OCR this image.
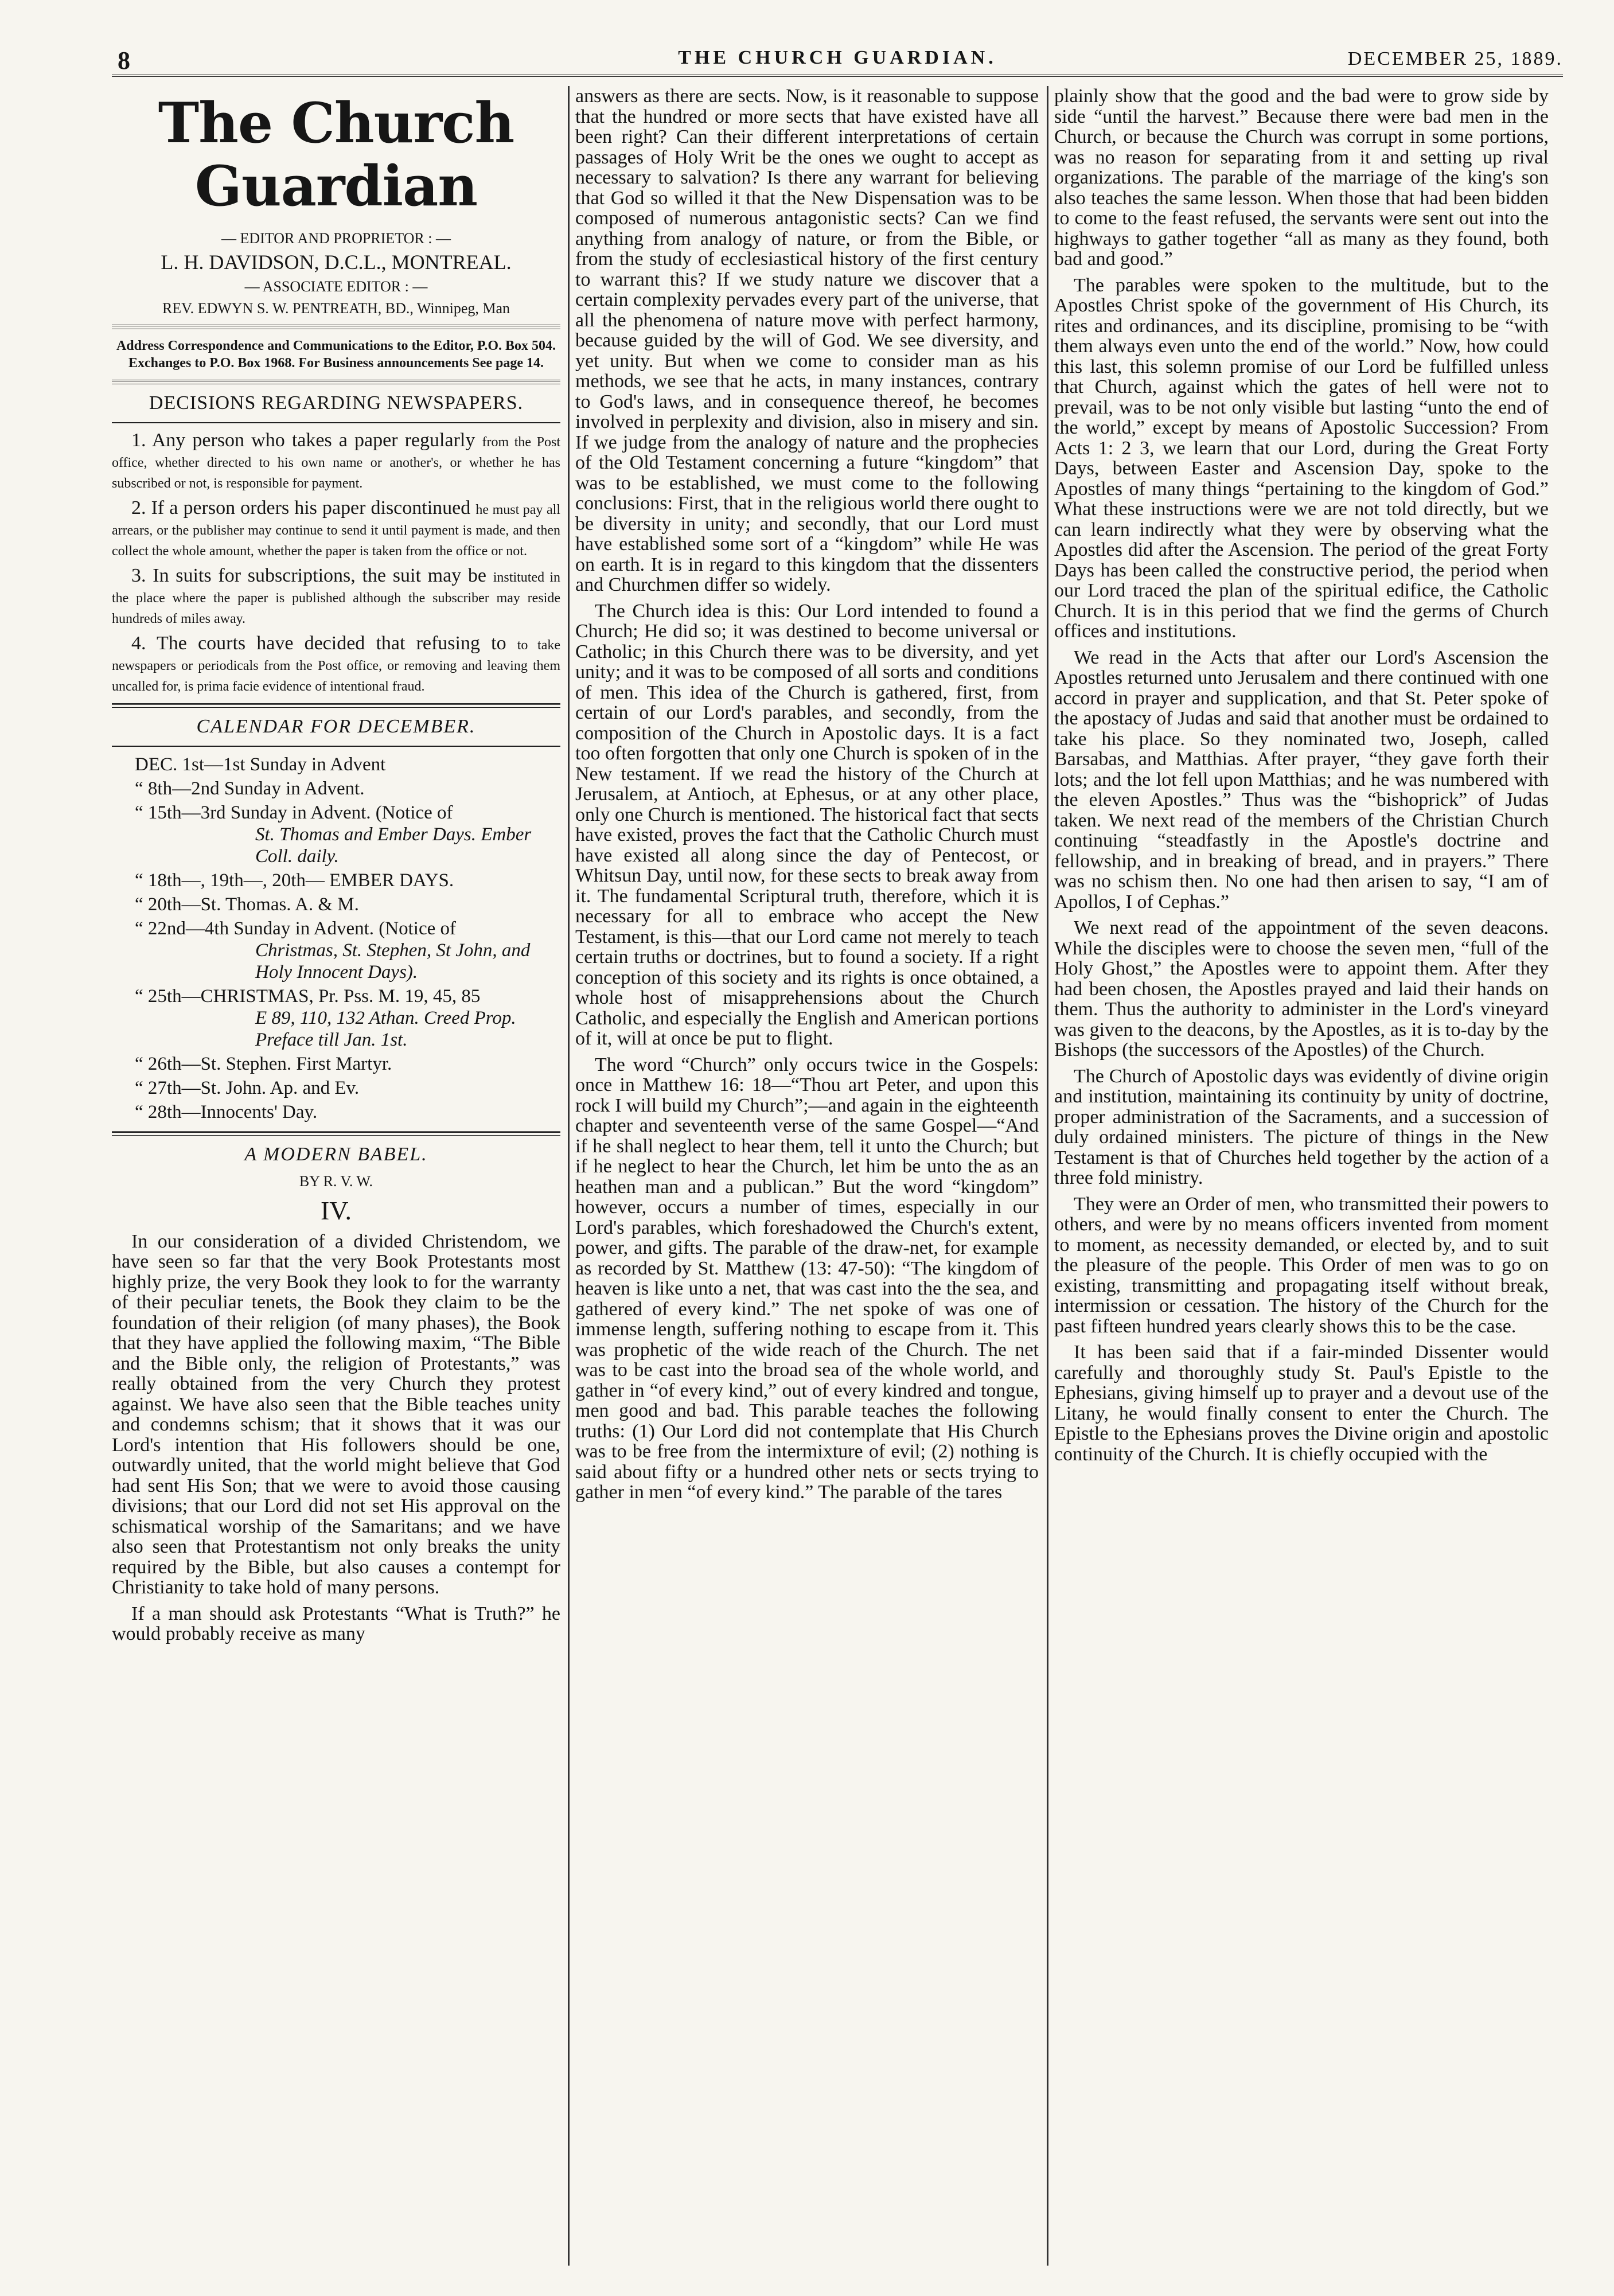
8	THE CHURCH GUARDIAN.	DECEMBER 25, 1889.
The Church Guardian

— EDITOR AND PROPRIETOR : —

L. H. DAVIDSON, D.C.L., MONTREAL.

— ASSOCIATE EDITOR : —

REV. EDWYN S. W. PENTREATH, BD., Winnipeg, Man

Address Correspondence and Communications to the Editor, P.O. Box 504. Exchanges to P.O. Box 1968. For Business announcements See page 14.

DECISIONS REGARDING NEWSPAPERS.

1. Any person who takes a paper regularly from the Post office, whether directed to his own name or another's, or whether he has subscribed or not, is responsible for payment.

2. If a person orders his paper discontinued he must pay all arrears, or the publisher may continue to send it until payment is made, and then collect the whole amount, whether the paper is taken from the office or not.

3. In suits for subscriptions, the suit may be instituted in the place where the paper is published although the subscriber may reside hundreds of miles away.

4. The courts have decided that refusing to to take newspapers or periodicals from the Post office, or removing and leaving them uncalled for, is prima facie evidence of intentional fraud.

CALENDAR FOR DECEMBER.

DEC. 1st—1st Sunday in Advent

“ 8th—2nd Sunday in Advent.

“ 15th—3rd Sunday in Advent. (Notice of
St. Thomas and Ember Days. Ember Coll. daily.

“ 18th—, 19th—, 20th— EMBER DAYS.

“ 20th—St. Thomas. A. & M.

“ 22nd—4th Sunday in Advent. (Notice of
Christmas, St. Stephen, St John, and Holy Innocent Days).

“ 25th—CHRISTMAS, Pr. Pss. M. 19, 45, 85
E 89, 110, 132 Athan. Creed Prop. Preface till Jan. 1st.

“ 26th—St. Stephen. First Martyr.

“ 27th—St. John. Ap. and Ev.

“ 28th—Innocents' Day.

A MODERN BABEL.

BY R. V. W.

IV.

In our consideration of a divided Christendom, we have seen so far that the very Book Protestants most highly prize, the very Book they look to for the warranty of their peculiar tenets, the Book they claim to be the foundation of their religion (of many phases), the Book that they have applied the following maxim, “The Bible and the Bible only, the religion of Protestants,” was really obtained from the very Church they protest against. We have also seen that the Bible teaches unity and condemns schism; that it shows that it was our Lord's intention that His followers should be one, outwardly united, that the world might believe that God had sent His Son; that we were to avoid those causing divisions; that our Lord did not set His approval on the schismatical worship of the Samaritans; and we have also seen that Protestantism not only breaks the unity required by the Bible, but also causes a contempt for Christianity to take hold of many persons.

If a man should ask Protestants “What is Truth?” he would probably receive as many

answers as there are sects. Now, is it reasonable to suppose that the hundred or more sects that have existed have all been right? Can their different interpretations of certain passages of Holy Writ be the ones we ought to accept as necessary to salvation? Is there any warrant for believing that God so willed it that the New Dispensation was to be composed of numerous antagonistic sects? Can we find anything from analogy of nature, or from the Bible, or from the study of ecclesiastical history of the first century to warrant this? If we study nature we discover that a certain complexity pervades every part of the universe, that all the phenomena of nature move with perfect harmony, because guided by the will of God. We see diversity, and yet unity. But when we come to consider man as his methods, we see that he acts, in many instances, contrary to God's laws, and in consequence thereof, he becomes involved in perplexity and division, also in misery and sin. If we judge from the analogy of nature and the prophecies of the Old Testament concerning a future “kingdom” that was to be established, we must come to the following conclusions: First, that in the religious world there ought to be diversity in unity; and secondly, that our Lord must have established some sort of a “kingdom” while He was on earth. It is in regard to this kingdom that the dissenters and Churchmen differ so widely.

The Church idea is this: Our Lord intended to found a Church; He did so; it was destined to become universal or Catholic; in this Church there was to be diversity, and yet unity; and it was to be composed of all sorts and conditions of men. This idea of the Church is gathered, first, from certain of our Lord's parables, and secondly, from the composition of the Church in Apostolic days. It is a fact too often forgotten that only one Church is spoken of in the New testament. If we read the history of the Church at Jerusalem, at Antioch, at Ephesus, or at any other place, only one Church is mentioned. The historical fact that sects have existed, proves the fact that the Catholic Church must have existed all along since the day of Pentecost, or Whitsun Day, until now, for these sects to break away from it. The fundamental Scriptural truth, therefore, which it is necessary for all to embrace who accept the New Testament, is this—that our Lord came not merely to teach certain truths or doctrines, but to found a society. If a right conception of this society and its rights is once obtained, a whole host of misapprehensions about the Church Catholic, and especially the English and American portions of it, will at once be put to flight.

The word “Church” only occurs twice in the Gospels: once in Matthew 16: 18—“Thou art Peter, and upon this rock I will build my Church”;—and again in the eighteenth chapter and seventeenth verse of the same Gospel—“And if he shall neglect to hear them, tell it unto the Church; but if he neglect to hear the Church, let him be unto the as an heathen man and a publican.” But the word “kingdom” however, occurs a number of times, especially in our Lord's parables, which foreshadowed the Church's extent, power, and gifts. The parable of the draw-net, for example as recorded by St. Matthew (13: 47-50): “The kingdom of heaven is like unto a net, that was cast into the the sea, and gathered of every kind.” The net spoke of was one of immense length, suffering nothing to escape from it. This was prophetic of the wide reach of the Church. The net was to be cast into the broad sea of the whole world, and gather in “of every kind,” out of every kindred and tongue, men good and bad. This parable teaches the following truths: (1) Our Lord did not contemplate that His Church was to be free from the intermixture of evil; (2) nothing is said about fifty or a hundred other nets or sects trying to gather in men “of every kind.” The parable of the tares

plainly show that the good and the bad were to grow side by side “until the harvest.” Because there were bad men in the Church, or because the Church was corrupt in some portions, was no reason for separating from it and setting up rival organizations. The parable of the marriage of the king's son also teaches the same lesson. When those that had been bidden to come to the feast refused, the servants were sent out into the highways to gather together “all as many as they found, both bad and good.”

The parables were spoken to the multitude, but to the Apostles Christ spoke of the government of His Church, its rites and ordinances, and its discipline, promising to be “with them always even unto the end of the world.” Now, how could this last, this solemn promise of our Lord be fulfilled unless that Church, against which the gates of hell were not to prevail, was to be not only visible but lasting “unto the end of the world,” except by means of Apostolic Succession? From Acts 1: 2 3, we learn that our Lord, during the Great Forty Days, between Easter and Ascension Day, spoke to the Apostles of many things “pertaining to the kingdom of God.” What these instructions were we are not told directly, but we can learn indirectly what they were by observing what the Apostles did after the Ascension. The period of the great Forty Days has been called the constructive period, the period when our Lord traced the plan of the spiritual edifice, the Catholic Church. It is in this period that we find the germs of Church offices and institutions.

We read in the Acts that after our Lord's Ascension the Apostles returned unto Jerusalem and there continued with one accord in prayer and supplication, and that St. Peter spoke of the apostacy of Judas and said that another must be ordained to take his place. So they nominated two, Joseph, called Barsabas, and Matthias. After prayer, “they gave forth their lots; and the lot fell upon Matthias; and he was numbered with the eleven Apostles.” Thus was the “bishoprick” of Judas taken. We next read of the members of the Christian Church continuing “steadfastly in the Apostle's doctrine and fellowship, and in breaking of bread, and in prayers.” There was no schism then. No one had then arisen to say, “I am of Apollos, I of Cephas.”

We next read of the appointment of the seven deacons. While the disciples were to choose the seven men, “full of the Holy Ghost,” the Apostles were to appoint them. After they had been chosen, the Apostles prayed and laid their hands on them. Thus the authority to administer in the Lord's vineyard was given to the deacons, by the Apostles, as it is to-day by the Bishops (the successors of the Apostles) of the Church.

The Church of Apostolic days was evidently of divine origin and institution, maintaining its continuity by unity of doctrine, proper administration of the Sacraments, and a succession of duly ordained ministers. The picture of things in the New Testament is that of Churches held together by the action of a three fold ministry.

They were an Order of men, who transmitted their powers to others, and were by no means officers invented from moment to moment, as necessity demanded, or elected by, and to suit the pleasure of the people. This Order of men was to go on existing, transmitting and propagating itself without break, intermission or cessation. The history of the Church for the past fifteen hundred years clearly shows this to be the case.

It has been said that if a fair-minded Dissenter would carefully and thoroughly study St. Paul's Epistle to the Ephesians, giving himself up to prayer and a devout use of the Litany, he would finally consent to enter the Church. The Epistle to the Ephesians proves the Divine origin and apostolic continuity of the Church. It is chiefly occupied with the
